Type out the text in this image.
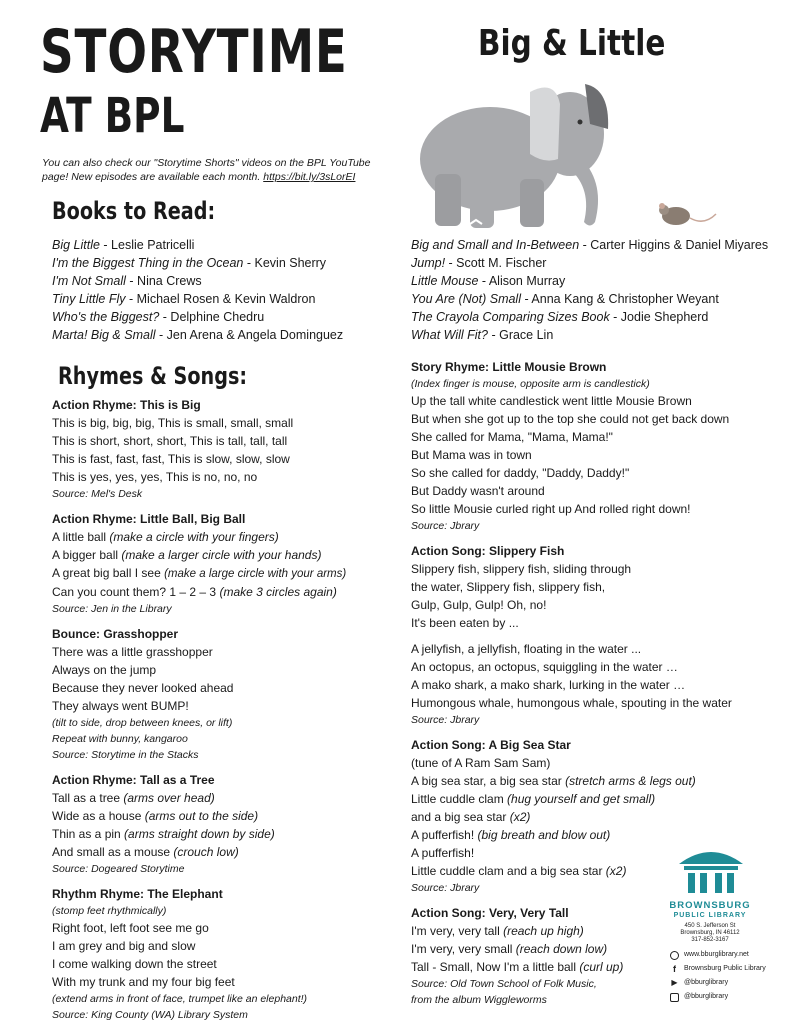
STORYTIME
AT BPL
You can also check our "Storytime Shorts" videos on the BPL YouTube page! New episodes are available each month. https://bit.ly/3sLorEI
Big & Little
Books to Read:
Big Little - Leslie Patricelli
I'm the Biggest Thing in the Ocean - Kevin Sherry
I'm Not Small - Nina Crews
Tiny Little Fly - Michael Rosen & Kevin Waldron
Who's the Biggest? - Delphine Chedru
Marta! Big & Small - Jen Arena & Angela Dominguez
Big and Small and In-Between - Carter Higgins & Daniel Miyares
Jump! - Scott M. Fischer
Little Mouse - Alison Murray
You Are (Not) Small - Anna Kang & Christopher Weyant
The Crayola Comparing Sizes Book - Jodie Shepherd
What Will Fit? - Grace Lin
Rhymes & Songs:
Action Rhyme: This is Big
This is big, big, big, This is small, small, small
This is short, short, short, This is tall, tall, tall
This is fast, fast, fast, This is slow, slow, slow
This is yes, yes, yes, This is no, no, no
Source: Mel's Desk
Action Rhyme: Little Ball, Big Ball
A little ball (make a circle with your fingers)
A bigger ball (make a larger circle with your hands)
A great big ball I see (make a large circle with your arms)
Can you count them? 1 – 2 – 3 (make 3 circles again)
Source: Jen in the Library
Bounce: Grasshopper
There was a little grasshopper
Always on the jump
Because they never looked ahead
They always went BUMP!
(tilt to side, drop between knees, or lift)
Repeat with bunny, kangaroo
Source: Storytime in the Stacks
Action Rhyme: Tall as a Tree
Tall as a tree (arms over head)
Wide as a house (arms out to the side)
Thin as a pin (arms straight down by side)
And small as a mouse (crouch low)
Source: Dogeared Storytime
Rhythm Rhyme: The Elephant
(stomp feet rhythmically)
Right foot, left foot see me go
I am grey and big and slow
I come walking down the street
With my trunk and my four big feet
(extend arms in front of face, trumpet like an elephant!)
Source: King County (WA) Library System
Story Rhyme: Little Mousie Brown
(Index finger is mouse, opposite arm is candlestick)
Up the tall white candlestick went little Mousie Brown
But when she got up to the top she could not get back down
She called for Mama, "Mama, Mama!"
But Mama was in town
So she called for daddy, "Daddy, Daddy!"
But Daddy wasn't around
So little Mousie curled right up And rolled right down!
Source: Jbrary
Action Song: Slippery Fish
Slippery fish, slippery fish, sliding through
the water, Slippery fish, slippery fish,
Gulp, Gulp, Gulp! Oh, no!
It's been eaten by ...
A jellyfish, a jellyfish, floating in the water ...
An octopus, an octopus, squiggling in the water …
A mako shark, a mako shark, lurking in the water …
Humongous whale, humongous whale, spouting in the water
Source: Jbrary
Action Song: A Big Sea Star
(tune of A Ram Sam Sam)
A big sea star, a big sea star (stretch arms & legs out)
Little cuddle clam (hug yourself and get small)
and a big sea star (x2)
A pufferfish! (big breath and blow out)
A pufferfish!
Little cuddle clam and a big sea star (x2)
Source: Jbrary
Action Song: Very, Very Tall
I'm very, very tall (reach up high)
I'm very, very small (reach down low)
Tall - Small, Now I'm a little ball (curl up)
Source: Old Town School of Folk Music,
from the album Wiggleworms
BROWNSBURG
PUBLIC LIBRARY
450 S. Jefferson St
Brownsburg, IN 46112
317-852-3167
www.bburglibrary.net
f	Brownsburg Public Library
▶ @bburglibrary
@bburglibrary
